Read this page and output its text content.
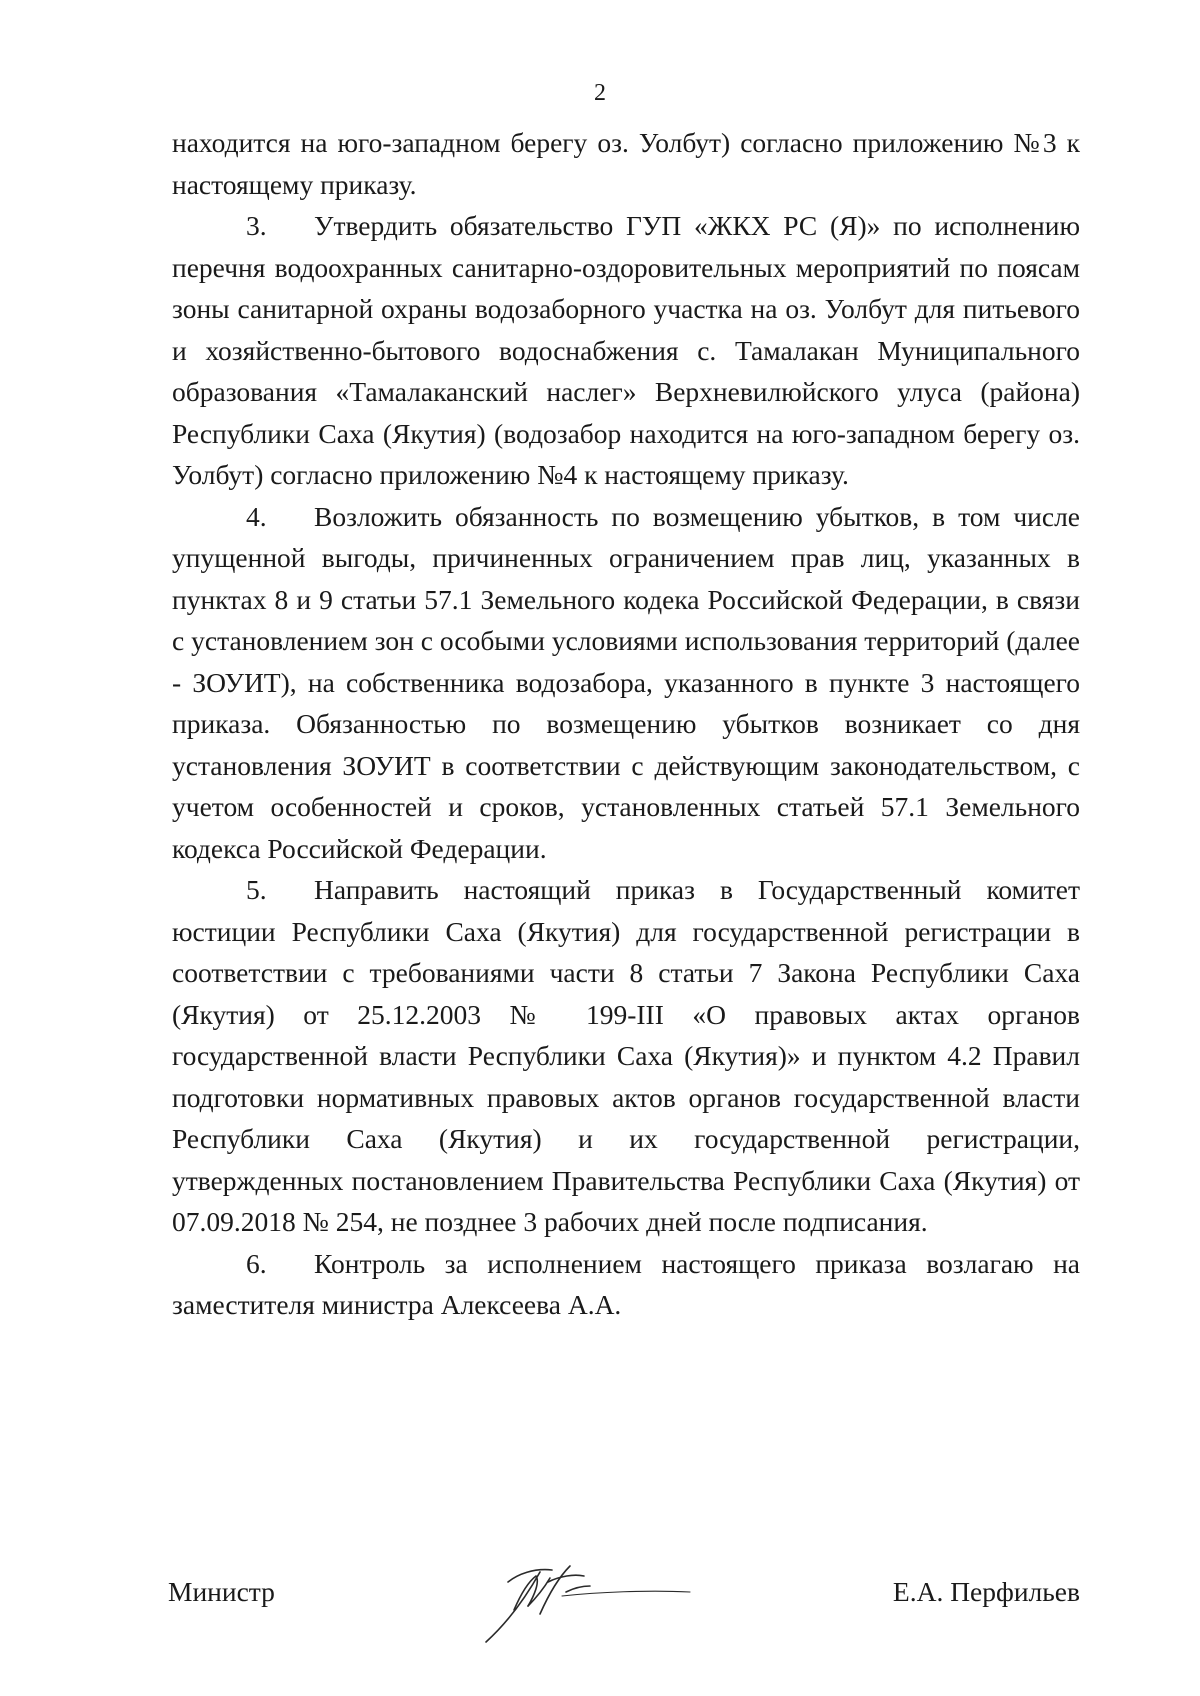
2

находится на юго-западном берегу оз. Уолбут) согласно приложению №3 к настоящему приказу.

3. Утвердить обязательство ГУП «ЖКХ РС (Я)» по исполнению перечня водоохранных санитарно-оздоровительных мероприятий по поясам зоны санитарной охраны водозаборного участка на оз. Уолбут для питьевого и хозяйственно-бытового водоснабжения с. Тамалакан Муниципального образования «Тамалаканский наслег» Верхневилюйского улуса (района) Республики Саха (Якутия) (водозабор находится на юго-западном берегу оз. Уолбут) согласно приложению №4 к настоящему приказу.

4. Возложить обязанность по возмещению убытков, в том числе упущенной выгоды, причиненных ограничением прав лиц, указанных в пунктах 8 и 9 статьи 57.1 Земельного кодека Российской Федерации, в связи с установлением зон с особыми условиями использования территорий (далее - ЗОУИТ), на собственника водозабора, указанного в пункте 3 настоящего приказа. Обязанностью по возмещению убытков возникает со дня установления ЗОУИТ в соответствии с действующим законодательством, с учетом особенностей и сроков, установленных статьей 57.1 Земельного кодекса Российской Федерации.

5. Направить настоящий приказ в Государственный комитет юстиции Республики Саха (Якутия) для государственной регистрации в соответствии с требованиями части 8 статьи 7 Закона Республики Саха (Якутия) от 25.12.2003 № 199-III «О правовых актах органов государственной власти Республики Саха (Якутия)» и пунктом 4.2 Правил подготовки нормативных правовых актов органов государственной власти Республики Саха (Якутия) и их государственной регистрации, утвержденных постановлением Правительства Республики Саха (Якутия) от 07.09.2018 № 254, не позднее 3 рабочих дней после подписания.

6. Контроль за исполнением настоящего приказа возлагаю на заместителя министра Алексеева А.А.

Министр	Е.А. Перфильев
